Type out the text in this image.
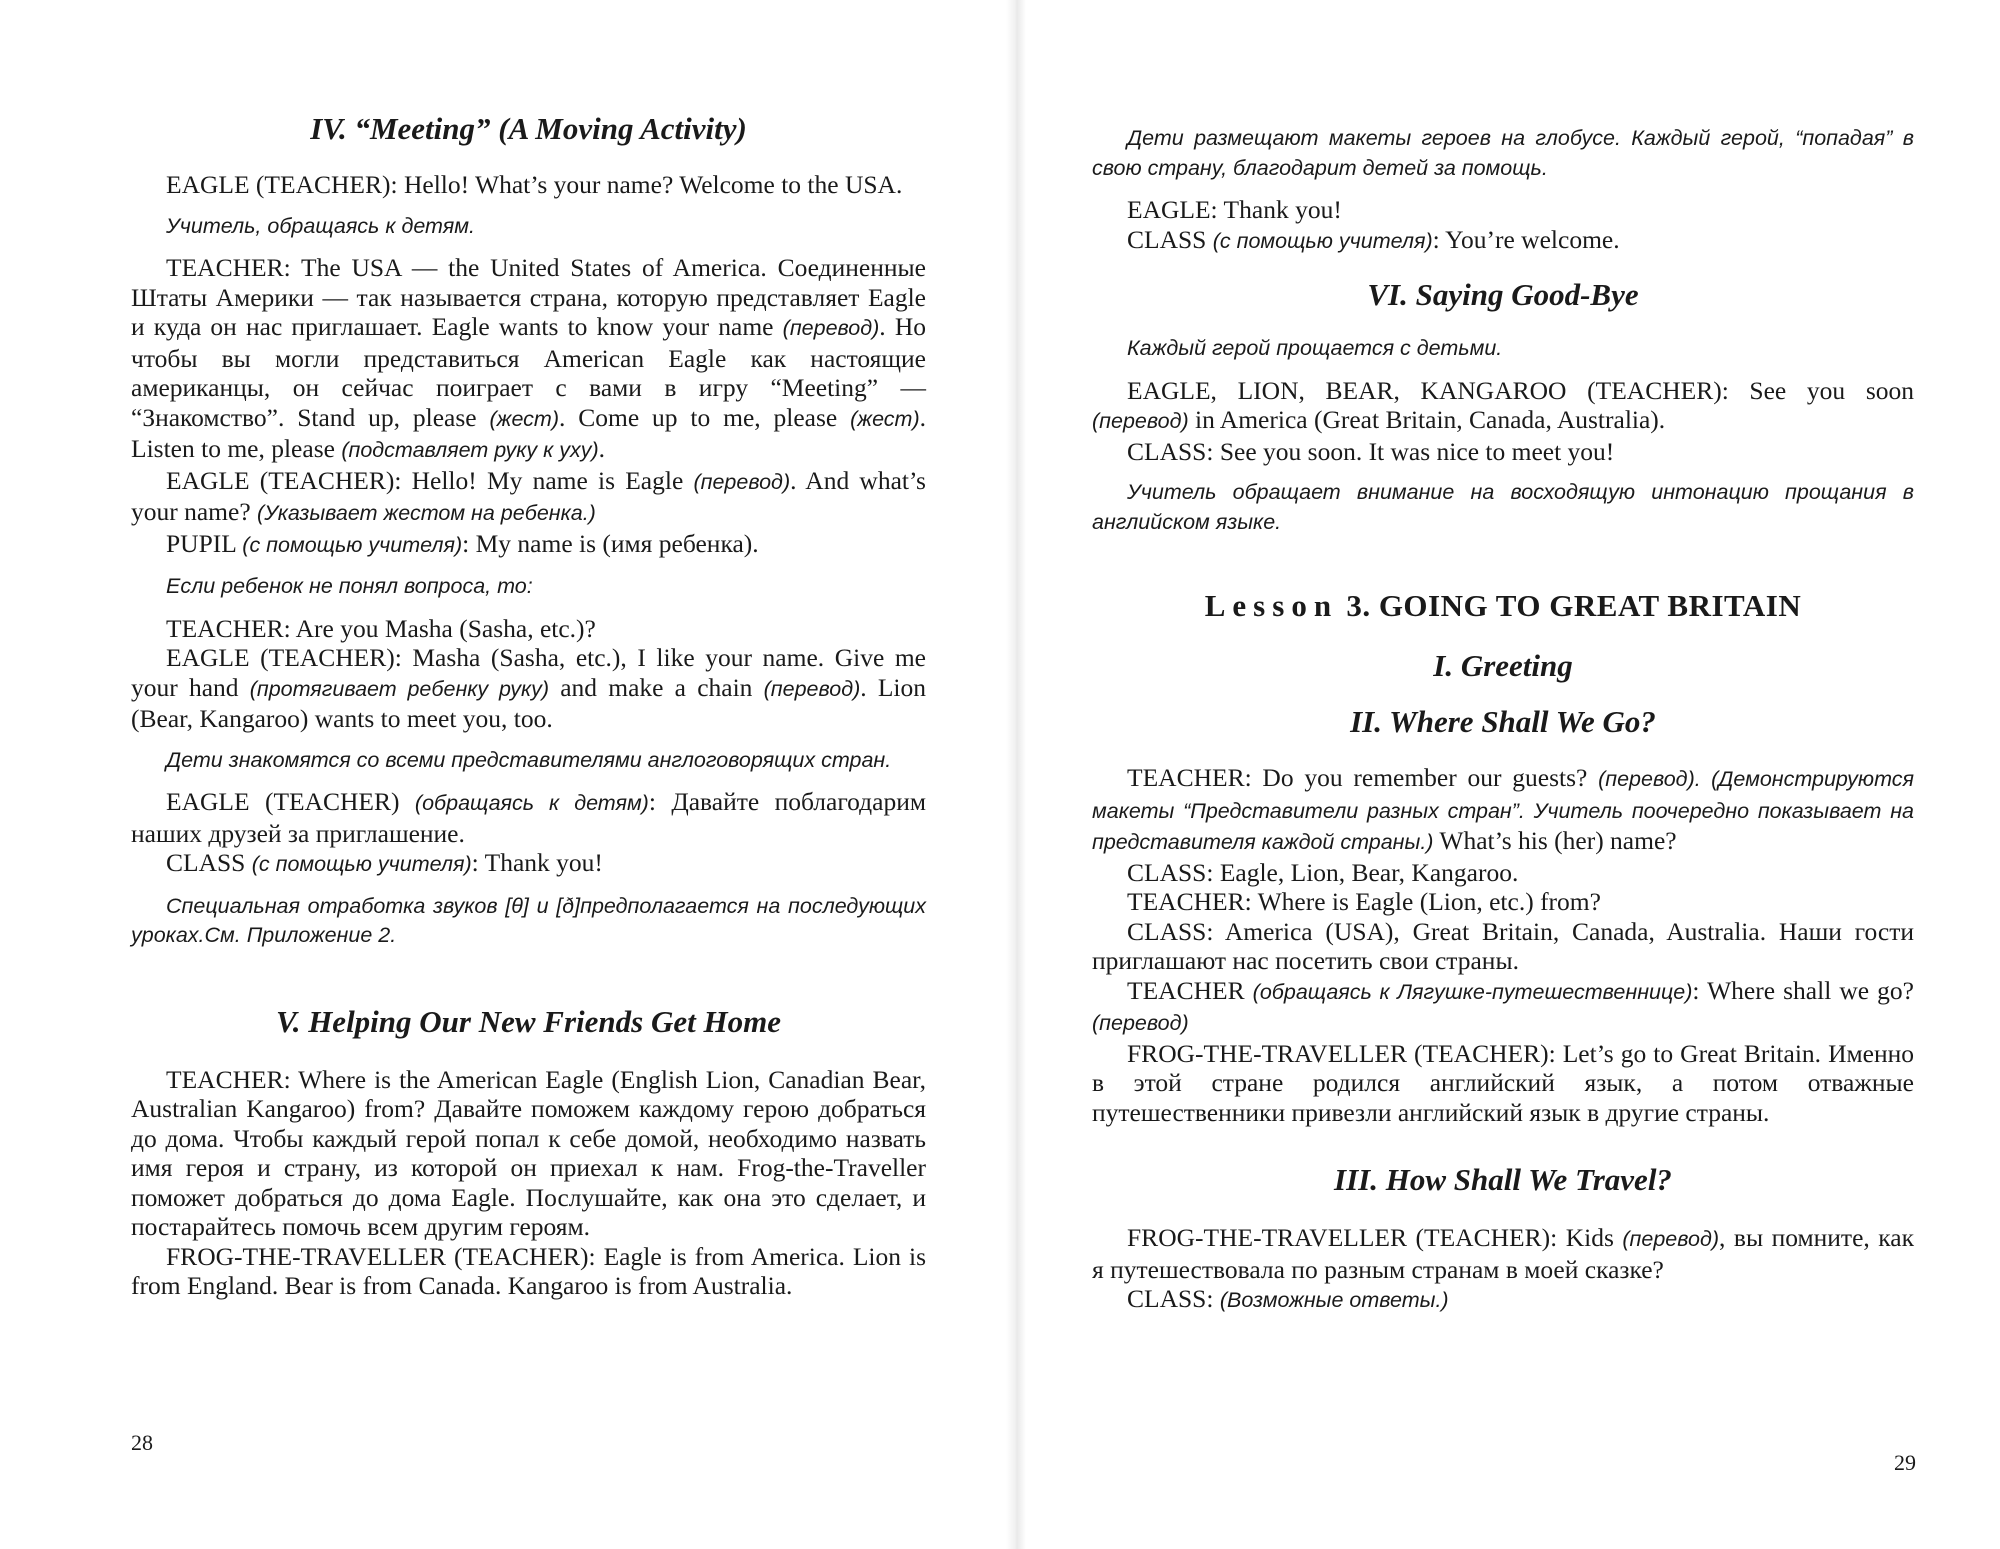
IV. “Meeting” (A Moving Activity)

EAGLE (TEACHER): Hello! What’s your name? Welcome to the USA.

Учитель, обращаясь к детям.

TEACHER: The USA — the United States of America. Соединенные Штаты Америки — так называется страна, которую представляет Eagle и куда он нас приглашает. Eagle wants to know your name (перевод). Но чтобы вы могли представиться American Eagle как настоящие американцы, он сейчас поиграет с вами в игру “Meeting” — “Знакомство”. Stand up, please (жест). Come up to me, please (жест). Listen to me, please (подставляет руку к уху).

EAGLE (TEACHER): Hello! My name is Eagle (перевод). And what’s your name? (Указывает жестом на ребенка.)

PUPIL (с помощью учителя): My name is (имя ребенка).

Если ребенок не понял вопроса, то:

TEACHER: Are you Masha (Sasha, etc.)?

EAGLE (TEACHER): Masha (Sasha, etc.), I like your name. Give me your hand (протягивает ребенку руку) and make a chain (перевод). Lion (Bear, Kangaroo) wants to meet you, too.

Дети знакомятся со всеми представителями англоговорящих стран.

EAGLE (TEACHER) (обращаясь к детям): Давайте поблагодарим наших друзей за приглашение.

CLASS (с помощью учителя): Thank you!

Специальная отработка звуков [θ] и [ð]предполагается на последующих уроках.См. Приложение 2.

V. Helping Our New Friends Get Home

TEACHER: Where is the American Eagle (English Lion, Canadian Bear, Australian Kangaroo) from? Давайте поможем каждому герою добраться до дома. Чтобы каждый герой попал к себе домой, необходимо назвать имя героя и страну, из которой он приехал к нам. Frog-the-Traveller поможет добраться до дома Eagle. Послушайте, как она это сделает, и постарайтесь помочь всем другим героям.

FROG-THE-TRAVELLER (TEACHER): Eagle is from America. Lion is from England. Bear is from Canada. Kangaroo is from Australia.

28

Дети размещают макеты героев на глобусе. Каждый герой, “попадая” в свою страну, благодарит детей за помощь.

EAGLE: Thank you!

CLASS (с помощью учителя): You’re welcome.

VI. Saying Good-Bye

Каждый герой прощается с детьми.

EAGLE, LION, BEAR, KANGAROO (TEACHER): See you soon (перевод) in America (Great Britain, Canada, Australia).

CLASS: See you soon. It was nice to meet you!

Учитель обращает внимание на восходящую интонацию прощания в английском языке.

Lesson 3. GOING TO GREAT BRITAIN
I. Greeting
II. Where Shall We Go?

TEACHER: Do you remember our guests? (перевод). (Демонстрируются макеты “Представители разных стран”. Учитель поочередно показывает на представителя каждой страны.) What’s his (her) name?

CLASS: Eagle, Lion, Bear, Kangaroo.

TEACHER: Where is Eagle (Lion, etc.) from?

CLASS: America (USA), Great Britain, Canada, Australia. Наши гости приглашают нас посетить свои страны.

TEACHER (обращаясь к Лягушке-путешественнице): Where shall we go? (перевод)

FROG-THE-TRAVELLER (TEACHER): Let’s go to Great Britain. Именно в этой стране родился английский язык, а потом отважные путешественники привезли английский язык в другие страны.

III. How Shall We Travel?

FROG-THE-TRAVELLER (TEACHER): Kids (перевод), вы помните, как я путешествовала по разным странам в моей сказке?

CLASS: (Возможные ответы.)

29
